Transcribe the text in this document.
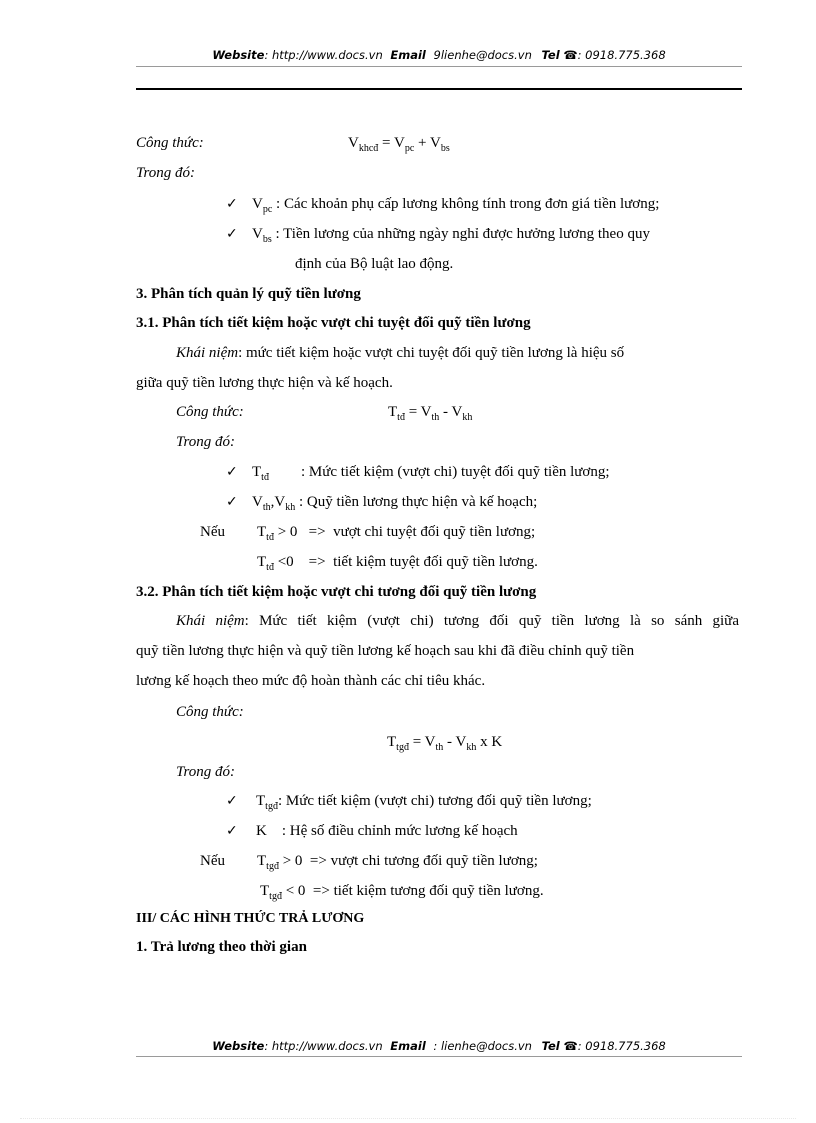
Website: http://www.docs.vn Email 9lienhe@docs.vn Tel ☎: 0918.775.368
Công thức:	$V_{khcđ} = V_{pc} + V_{bs}$
Trong đó:
✓ $V_{pc}$ : Các khoản phụ cấp lương không tính trong đơn giá tiền lương;
✓ $V_{bs}$ : Tiền lương của những ngày nghỉ được hưởng lương theo quy
định của Bộ luật lao động.
3. Phân tích quản lý quỹ tiền lương
3.1. Phân tích tiết kiệm hoặc vượt chi tuyệt đối quỹ tiền lương
Khái niệm: mức tiết kiệm hoặc vượt chi tuyệt đối quỹ tiền lương là hiệu số
giữa quỹ tiền lương thực hiện và kế hoạch.
Công thức:	$T_{tđ} = V_{th} - V_{kh}$
Trong đó:
✓ $T_{tđ}$ : Mức tiết kiệm (vượt chi) tuyệt đối quỹ tiền lương;
✓ $V_{th},V_{kh}$ : Quỹ tiền lương thực hiện và kế hoạch;
Nếu $T_{tđ} > 0$   =>  vượt chi tuyệt đối quỹ tiền lương;
$T_{tđ} <0$    =>  tiết kiệm tuyệt đối quỹ tiền lương.
3.2. Phân tích tiết kiệm hoặc vượt chi tương đối quỹ tiền lương
Khái niệm: Mức tiết kiệm (vượt chi) tương đối quỹ tiền lương là so sánh giữa
quỹ tiền lương thực hiện và quỹ tiền lương kế hoạch sau khi đã điều chỉnh quỹ tiền
lương kế hoạch theo mức độ hoàn thành các chỉ tiêu khác.
Công thức:
$T_{tgđ} = V_{th} - V_{kh}$ x K
Trong đó:
✓ $T_{tgđ}$: Mức tiết kiệm (vượt chi) tương đối quỹ tiền lương;
✓ K    : Hệ số điều chỉnh mức lương kế hoạch
Nếu $T_{tgđ} > 0$  => vượt chi tương đối quỹ tiền lương;
$T_{tgđ} < 0$  => tiết kiệm tương đối quỹ tiền lương.
III/ CÁC HÌNH THỨC TRẢ LƯƠNG
1. Trả lương theo thời gian
Website: http://www.docs.vn Email : lienhe@docs.vn Tel ☎: 0918.775.368
